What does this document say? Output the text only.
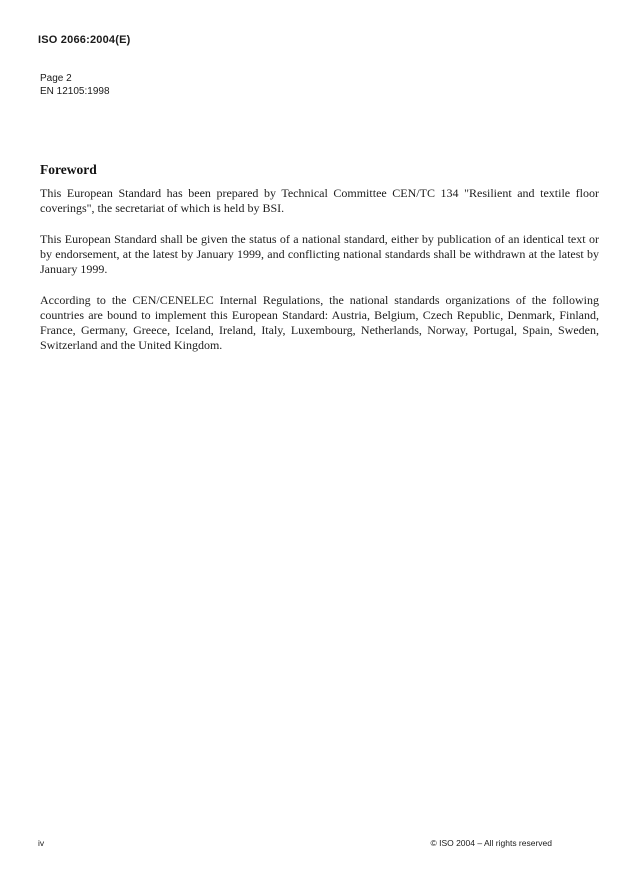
ISO 2066:2004(E)
Page 2
EN 12105:1998
Foreword

This European Standard has been prepared by Technical Committee CEN/TC 134 "Resilient and textile floor coverings", the secretariat of which is held by BSI.

This European Standard shall be given the status of a national standard, either by publication of an identical text or by endorsement, at the latest by January 1999, and conflicting national standards shall be withdrawn at the latest by January 1999.

According to the CEN/CENELEC Internal Regulations, the national standards organizations of the following countries are bound to implement this European Standard: Austria, Belgium, Czech Republic, Denmark, Finland, France, Germany, Greece, Iceland, Ireland, Italy, Luxembourg, Netherlands, Norway, Portugal, Spain, Sweden, Switzerland and the United Kingdom.

iv	© ISO 2004 – All rights reserved
